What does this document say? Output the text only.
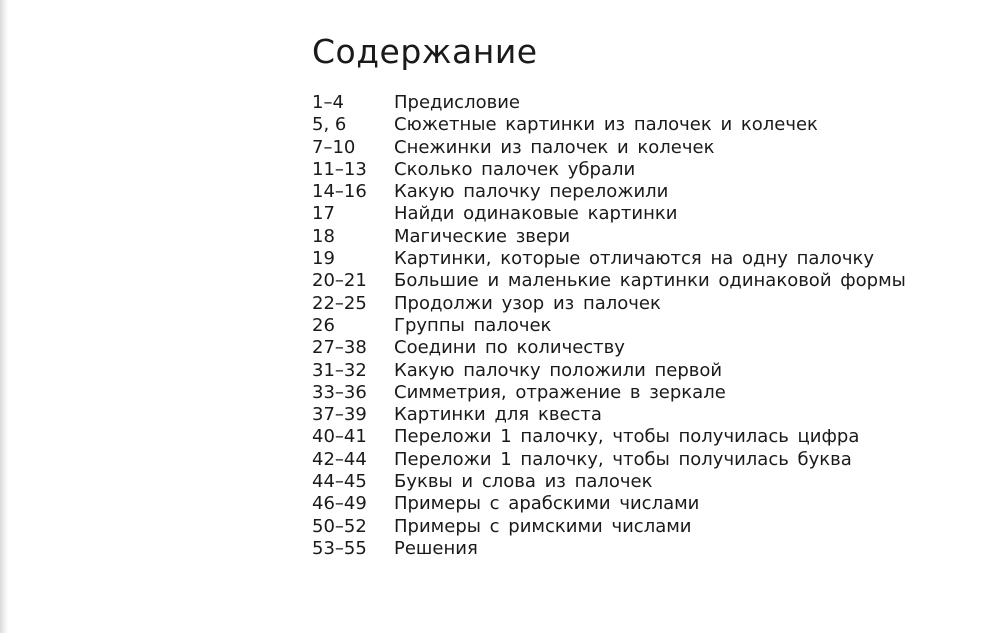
Содержание
1–4	Предисловие
5, 6	Сюжетные картинки из палочек и колечек
7–10	Снежинки из палочек и колечек
11–13	Сколько палочек убрали
14–16	Какую палочку переложили
17	Найди одинаковые картинки
18	Магические звери
19	Картинки, которые отличаются на одну палочку
20–21	Большие и маленькие картинки одинаковой формы
22–25	Продолжи узор из палочек
26	Группы палочек
27–38	Соедини по количеству
31–32	Какую палочку положили первой
33–36	Симметрия, отражение в зеркале
37–39	Картинки для квеста
40–41	Переложи 1 палочку, чтобы получилась цифра
42–44	Переложи 1 палочку, чтобы получилась буква
44–45	Буквы и слова из палочек
46–49	Примеры с арабскими числами
50–52	Примеры с римскими числами
53–55	Решения
